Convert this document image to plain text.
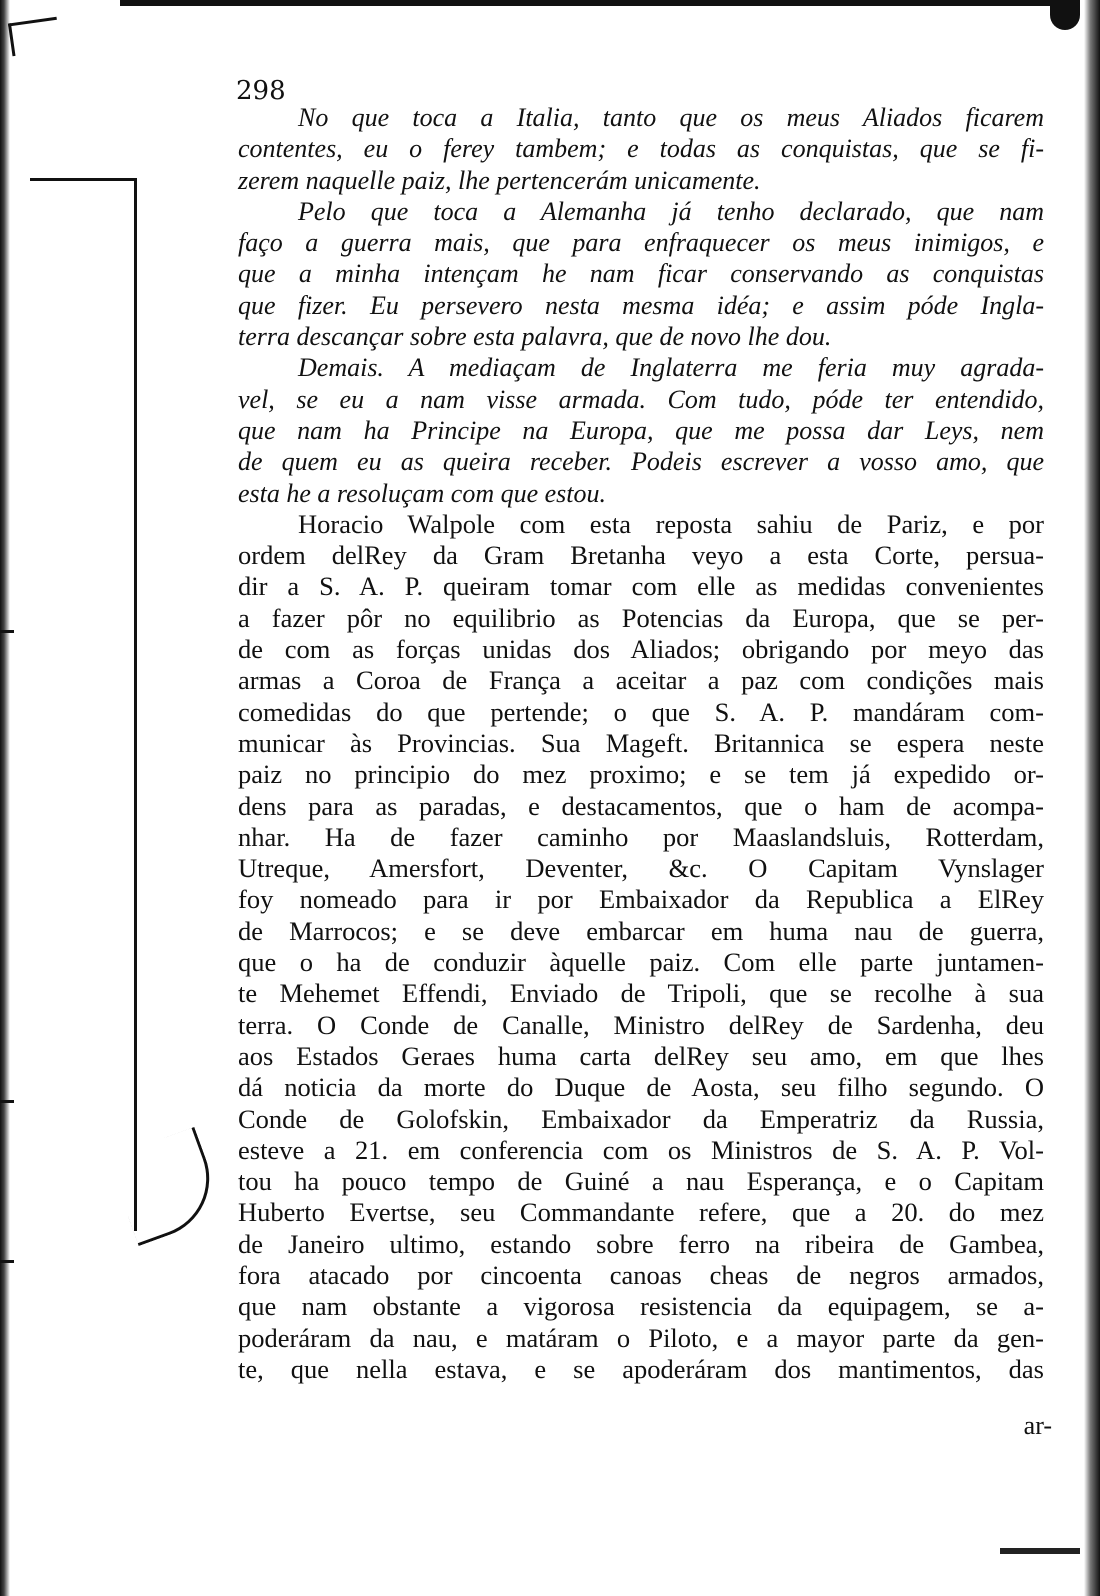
298
No que toca a Italia, tanto que os meus Aliados ficarem
contentes, eu o ferey tambem; e todas as conquistas, que se fi-
zerem naquelle paiz, lhe pertencerám unicamente.
Pelo que toca a Alemanha já tenho declarado, que nam
faço a guerra mais, que para enfraquecer os meus inimigos, e
que a minha intençam he nam ficar conservando as conquistas
que fizer. Eu persevero nesta mesma idéa; e assim póde Ingla-
terra descançar sobre esta palavra, que de novo lhe dou.
Demais. A mediaçam de Inglaterra me feria muy agrada-
vel, se eu a nam visse armada. Com tudo, póde ter entendido,
que nam ha Principe na Europa, que me possa dar Leys, nem
de quem eu as queira receber. Podeis escrever a vosso amo, que
esta he a resoluçam com que estou.
Horacio Walpole com esta reposta sahiu de Pariz, e por
ordem delRey da Gram Bretanha veyo a esta Corte, persua-
dir a S. A. P. queiram tomar com elle as medidas convenientes
a fazer pôr no equilibrio as Potencias da Europa, que se per-
de com as forças unidas dos Aliados; obrigando por meyo das
armas a Coroa de França a aceitar a paz com condições mais
comedidas do que pertende; o que S. A. P. mandáram com-
municar às Provincias. Sua Mageft. Britannica se espera neste
paiz no principio do mez proximo; e se tem já expedido or-
dens para as paradas, e destacamentos, que o ham de acompa-
nhar. Ha de fazer caminho por Maaslandsluis, Rotterdam,
Utreque, Amersfort, Deventer, &c. O Capitam Vynslager
foy nomeado para ir por Embaixador da Republica a ElRey
de Marrocos; e se deve embarcar em huma nau de guerra,
que o ha de conduzir àquelle paiz. Com elle parte juntamen-
te Mehemet Effendi, Enviado de Tripoli, que se recolhe à sua
terra. O Conde de Canalle, Ministro delRey de Sardenha, deu
aos Estados Geraes huma carta delRey seu amo, em que lhes
dá noticia da morte do Duque de Aosta, seu filho segundo. O
Conde de Golofskin, Embaixador da Emperatriz da Russia,
esteve a 21. em conferencia com os Ministros de S. A. P. Vol-
tou ha pouco tempo de Guiné a nau Esperança, e o Capitam
Huberto Evertse, seu Commandante refere, que a 20. do mez
de Janeiro ultimo, estando sobre ferro na ribeira de Gambea,
fora atacado por cincoenta canoas cheas de negros armados,
que nam obstante a vigorosa resistencia da equipagem, se a-
poderáram da nau, e matáram o Piloto, e a mayor parte da gen-
te, que nella estava, e se apoderáram dos mantimentos, das
ar-
